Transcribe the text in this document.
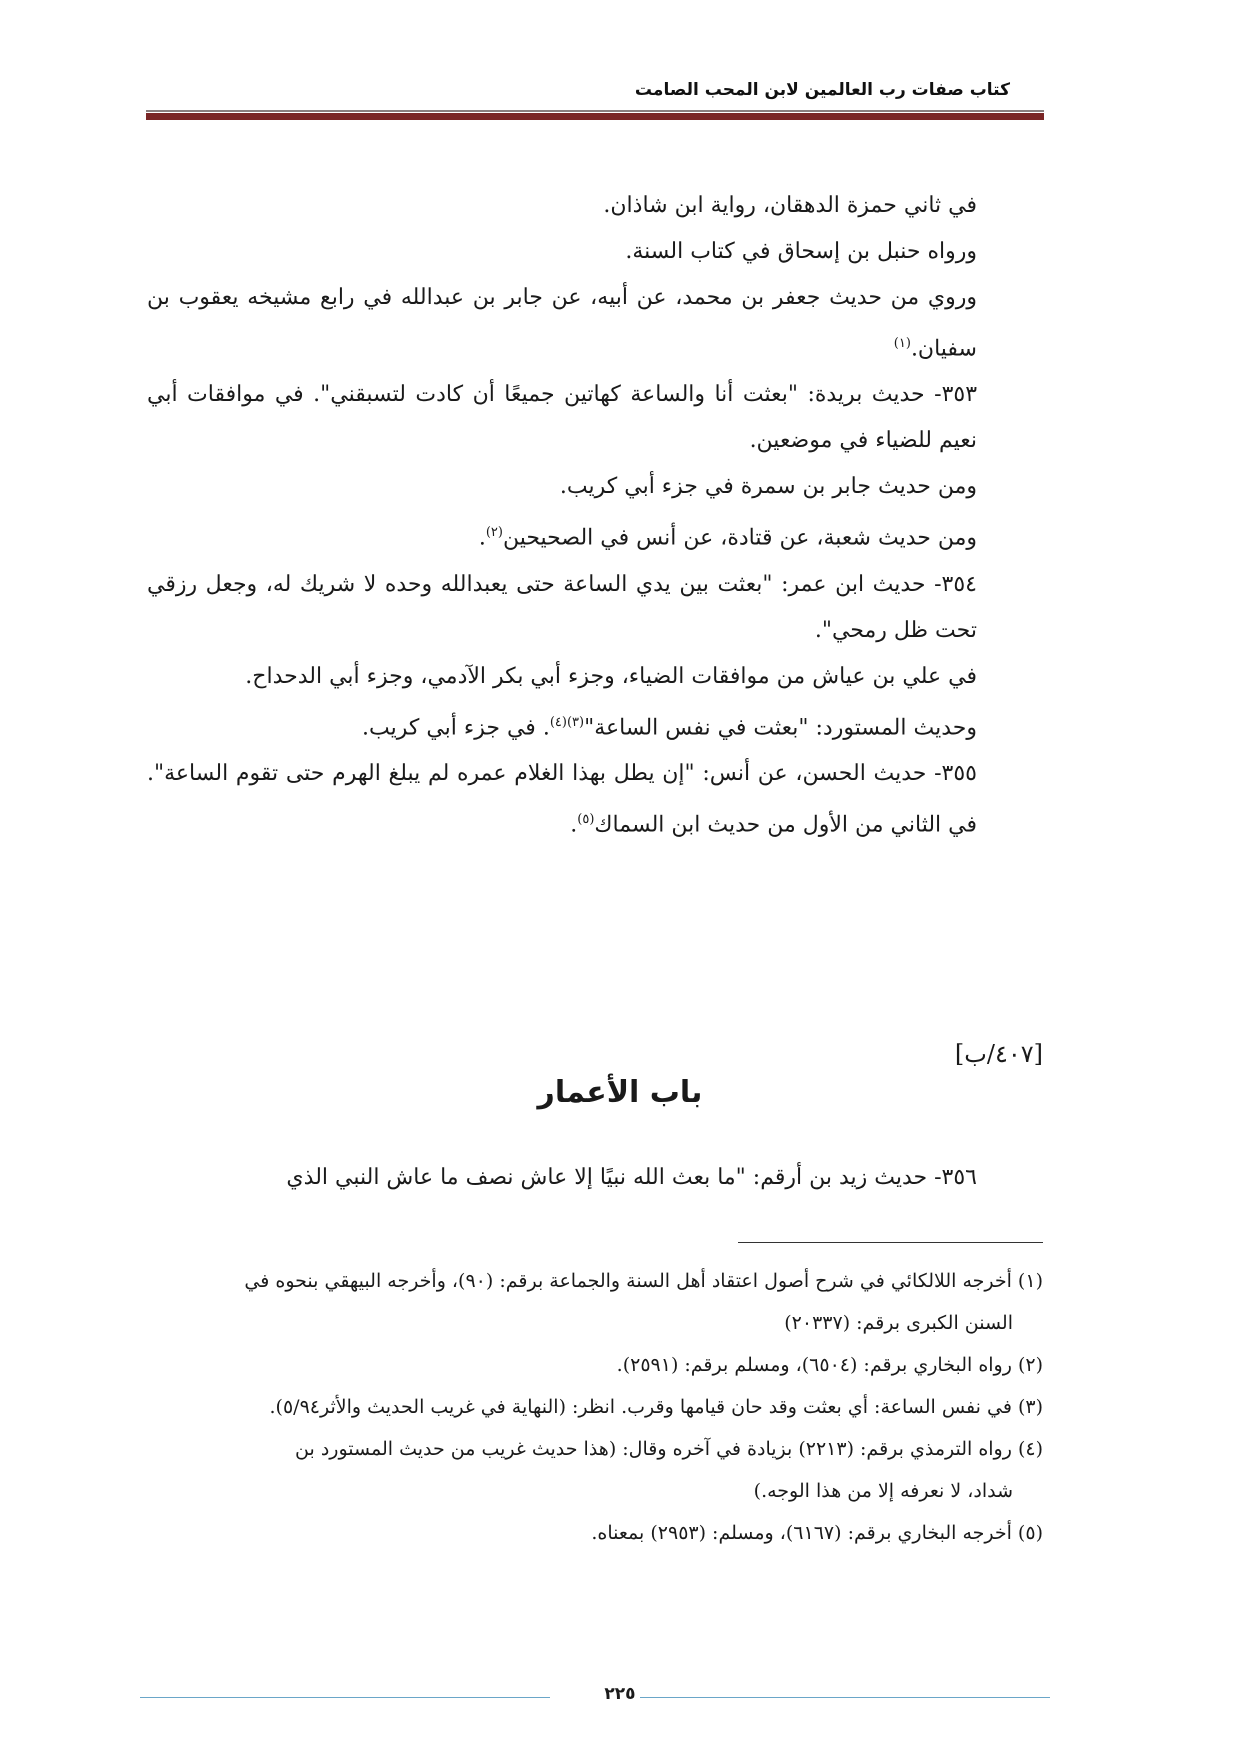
كتاب صفات رب العالمين لابن المحب الصامت

في ثاني حمزة الدهقان، رواية ابن شاذان.

ورواه حنبل بن إسحاق في كتاب السنة.

وروي من حديث جعفر بن محمد، عن أبيه، عن جابر بن عبدالله في رابع مشيخه يعقوب بن سفيان.$^{(١)}$

٣٥٣- حديث بريدة: "بعثت أنا والساعة كهاتين جميعًا أن كادت لتسبقني". في موافقات أبي نعيم للضياء في موضعين.

ومن حديث جابر بن سمرة في جزء أبي كريب.

ومن حديث شعبة، عن قتادة، عن أنس في الصحيحين$^{(٢)}$.

٣٥٤- حديث ابن عمر: "بعثت بين يدي الساعة حتى يعبدالله وحده لا شريك له، وجعل رزقي تحت ظل رمحي".

في علي بن عياش من موافقات الضياء، وجزء أبي بكر الآدمي، وجزء أبي الدحداح.

وحديث المستورد: "بعثت في نفس الساعة"$^{(٣)(٤)}$. في جزء أبي كريب.

٣٥٥- حديث الحسن، عن أنس: "إن يطل بهذا الغلام عمره لم يبلغ الهرم حتى تقوم الساعة". في الثاني من الأول من حديث ابن السماك$^{(٥)}$.

[٤٠٧/ب]
باب الأعمار
٣٥٦- حديث زيد بن أرقم: "ما بعث الله نبيًا إلا عاش نصف ما عاش النبي الذي

(١) أخرجه اللالكائي في شرح أصول اعتقاد أهل السنة والجماعة برقم: (٩٠)، وأخرجه البيهقي بنحوه في

السنن الكبرى برقم: (٢٠٣٣٧)

(٢) رواه البخاري برقم: (٦٥٠٤)، ومسلم برقم: (٢٥٩١).

(٣) في نفس الساعة: أي بعثت وقد حان قيامها وقرب. انظر: (النهاية في غريب الحديث والأثر٥/٩٤).

(٤) رواه الترمذي برقم: (٢٢١٣) بزيادة في آخره وقال: (هذا حديث غريب من حديث المستورد بن

شداد، لا نعرفه إلا من هذا الوجه.)

(٥) أخرجه البخاري برقم: (٦١٦٧)، ومسلم: (٢٩٥٣) بمعناه.

٢٢٥
